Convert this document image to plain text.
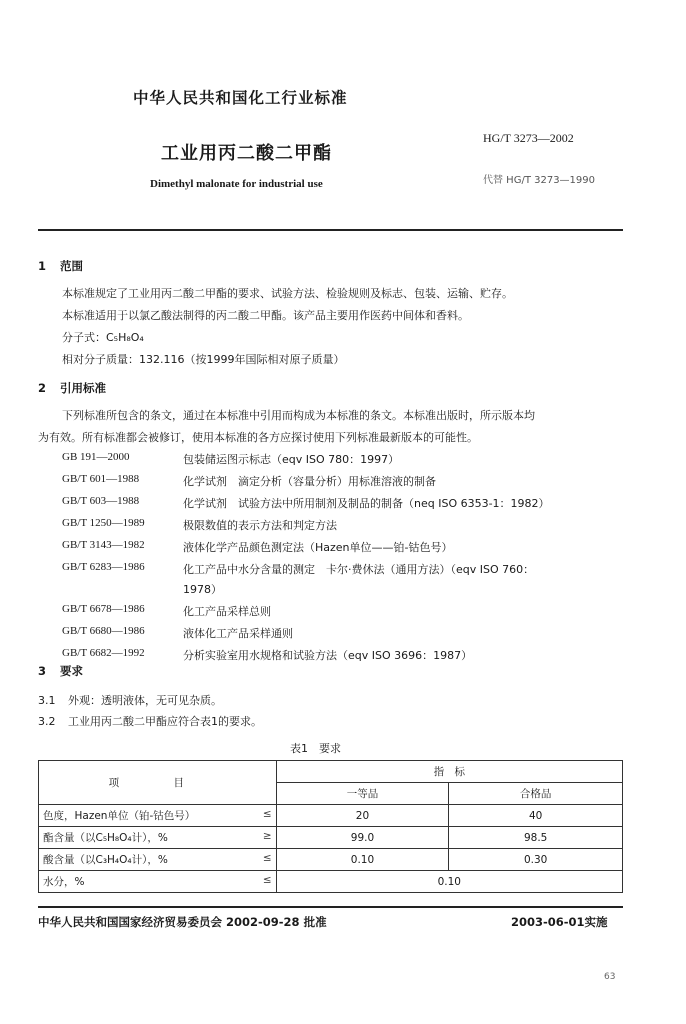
中华人民共和国化工行业标准
HG/T 3273—2002
工业用丙二酸二甲酯
代替 HG/T 3273—1990
Dimethyl malonate for industrial use
1 范围
本标准规定了工业用丙二酸二甲酯的要求、试验方法、检验规则及标志、包装、运输、贮存。
本标准适用于以氯乙酸法制得的丙二酸二甲酯。该产品主要用作医药中间体和香料。
分子式：C₅H₈O₄
相对分子质量：132.116（按1999年国际相对原子质量）
2 引用标准
下列标准所包含的条文，通过在本标准中引用而构成为本标准的条文。本标准出版时，所示版本均
为有效。所有标准都会被修订，使用本标准的各方应探讨使用下列标准最新版本的可能性。
GB 191—2000	包装储运图示标志（eqv ISO 780：1997）
GB/T 601—1988	化学试剂　滴定分析（容量分析）用标准溶液的制备
GB/T 603—1988	化学试剂　试验方法中所用制剂及制品的制备（neq ISO 6353-1：1982）
GB/T 1250—1989	极限数值的表示方法和判定方法
GB/T 3143—1982	液体化学产品颜色测定法（Hazen单位——铂-钴色号）
GB/T 6283—1986	化工产品中水分含量的测定　卡尔·费休法（通用方法）（eqv ISO 760：
1978）
GB/T 6678—1986	化工产品采样总则
GB/T 6680—1986	液体化工产品采样通则
GB/T 6682—1992	分析实验室用水规格和试验方法（eqv ISO 3696：1987）
3 要求
3.1 外观：透明液体，无可见杂质。
3.2 工业用丙二酸二甲酯应符合表1的要求。
表1　要求
项　目	指　标	
	一等品	合格品
色度，Hazen单位（铂-钴色号） ≤	20	40
酯含量（以C₅H₈O₄计），% ≥	99.0	98.5
酸含量（以C₃H₄O₄计），% ≤	0.10	0.30
水分，% ≤	0.10	
中华人民共和国国家经济贸易委员会 2002-09-28 批准	2003-06-01实施
63
